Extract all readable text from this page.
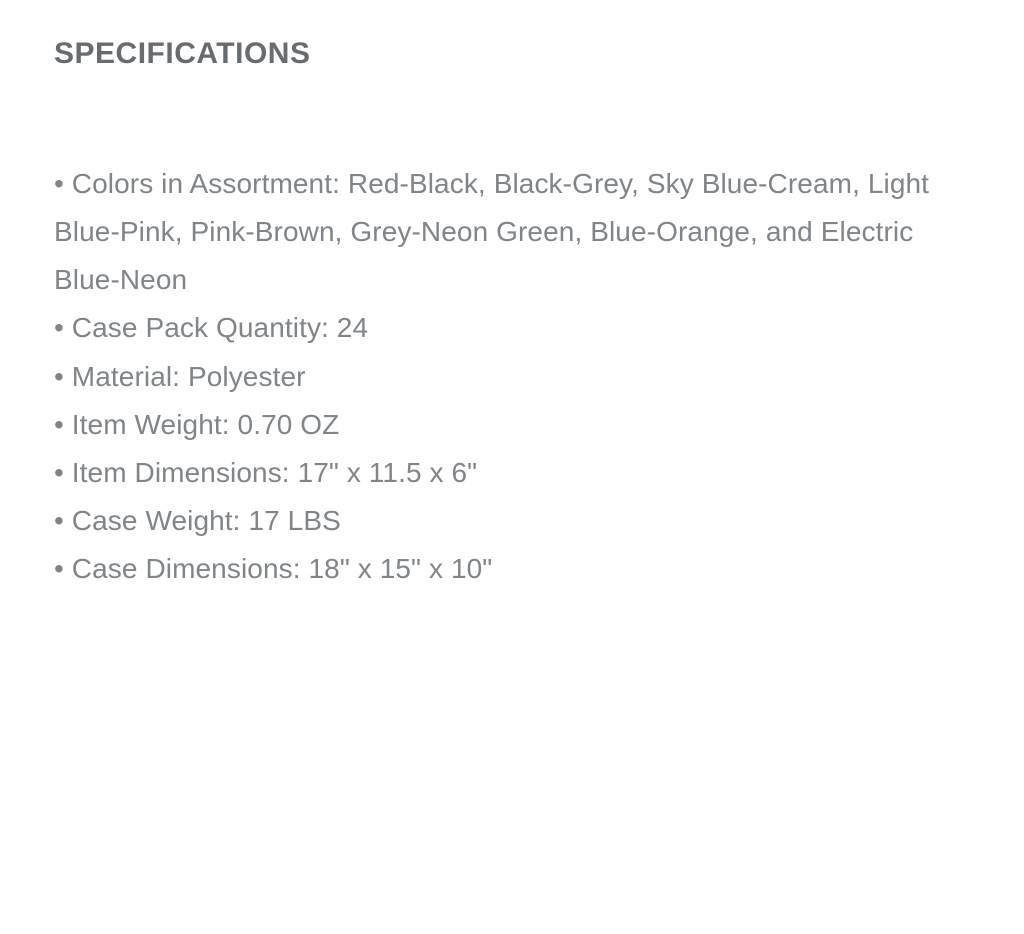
SPECIFICATIONS
• Colors in Assortment: Red-Black, Black-Grey, Sky Blue-Cream, Light Blue-Pink, Pink-Brown, Grey-Neon Green, Blue-Orange, and Electric Blue-Neon
• Case Pack Quantity: 24
• Material: Polyester
• Item Weight: 0.70 OZ
• Item Dimensions: 17" x 11.5 x 6"
• Case Weight: 17 LBS
• Case Dimensions: 18" x 15" x 10"
